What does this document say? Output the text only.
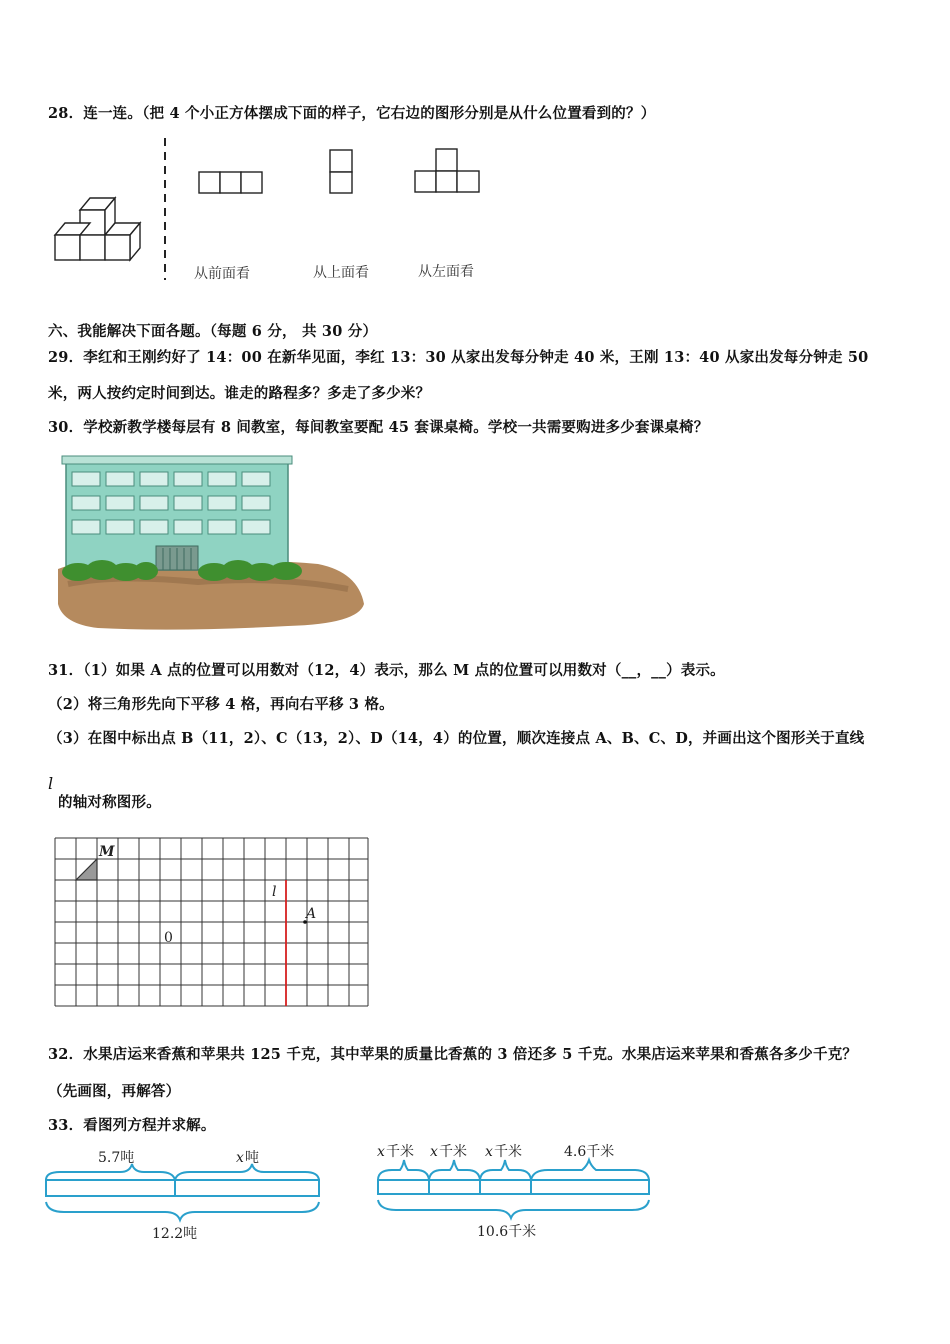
28．连一连。（把 4 个小正方体摆成下面的样子，它右边的图形分别是从什么位置看到的？）
从前面看	从上面看	从左面看
六、我能解决下面各题。（每题 6 分， 共 30 分）
29．李红和王刚约好了 14：00 在新华见面，李红 13：30 从家出发每分钟走 40 米，王刚 13：40 从家出发每分钟走 50
米，两人按约定时间到达。谁走的路程多？多走了多少米？
30．学校新教学楼每层有 8 间教室，每间教室要配 45 套课桌椅。学校一共需要购进多少套课桌椅？
31．（1）如果 A 点的位置可以用数对（12，4）表示，那么 M 点的位置可以用数对（__，__）表示。
（2）将三角形先向下平移 4 格，再向右平移 3 格。
（3）在图中标出点 B（11，2）、C（13，2）、D（14，4）的位置，顺次连接点 A、B、C、D，并画出这个图形关于直线
l
的轴对称图形。
M
l
A
0
32．水果店运来香蕉和苹果共 125 千克，其中苹果的质量比香蕉的 3 倍还多 5 千克。水果店运来苹果和香蕉各多少千克？
（先画图，再解答）
33．看图列方程并求解。
5.7吨	x 吨
12.2吨
x 千米 x 千米 x 千米	4.6千米
10.6千米
